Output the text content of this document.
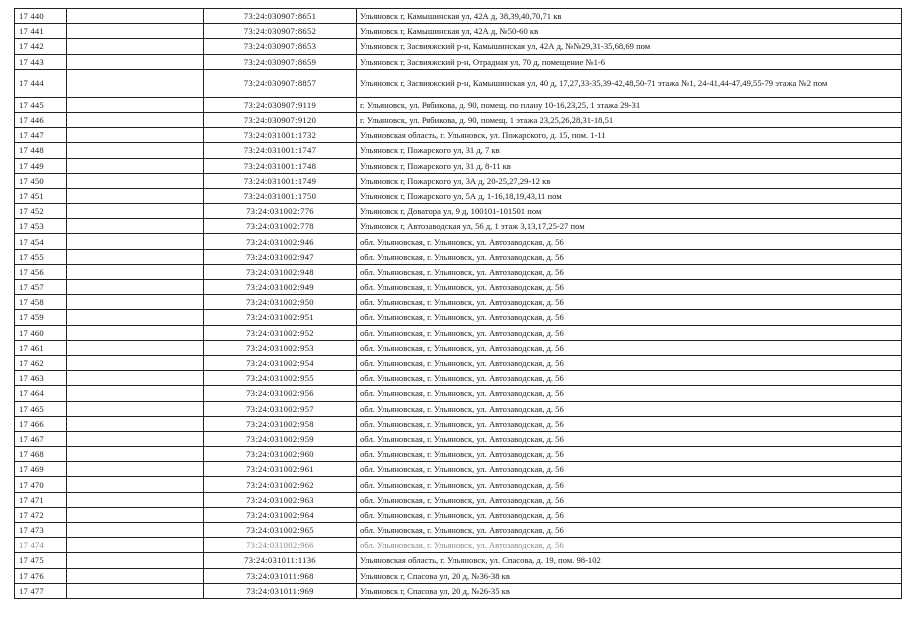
17 440		73:24:030907:8651	Ульяновск г, Камышинская ул, 42А д, 38,39,40,70,71 кв
17 441		73:24:030907:8652	Ульяновск г, Камышинская ул, 42А д, №50-60 кв
17 442		73:24:030907:8653	Ульяновск г, Засвияжский р-н, Камышинская ул, 42А д, №№29,31-35,68,69 пом
17 443		73:24:030907:8659	Ульяновск г, Засвияжский р-н, Отрадная ул, 70 д, помещение №1-6
17 444		73:24:030907:8857	Ульяновск г, Засвияжский р-н, Камышинская ул, 40 д, 17,27,33-35,39-42,48,50-71 этажа №1, 24-41,44-47,49,55-79 этажа №2 пом
17 445		73:24:030907:9119	г. Ульяновск, ул. Рябикова, д. 90, помещ. по плану 10-16,23,25, 1 этажа 29-31
17 446		73:24:030907:9120	г. Ульяновск, ул. Рябикова, д. 90, помещ. 1 этажа 23,25,26,28,31-18,51
17 447		73:24:031001:1732	Ульяновская область, г. Ульяновск, ул. Пожарского, д. 15, пом. 1-11
17 448		73:24:031001:1747	Ульяновск г, Пожарского ул, 31 д, 7 кв
17 449		73:24:031001:1748	Ульяновск г, Пожарского ул, 31 д, 8-11 кв
17 450		73:24:031001:1749	Ульяновск г, Пожарского ул, 3А д, 20-25,27,29-12 кв
17 451		73:24:031001:1750	Ульяновск г, Пожарского ул, 5А д, 1-16,18,19,43,11 пом
17 452		73:24:031002:776	Ульяновск г, Доватора ул, 9 д, 100101-101501 пом
17 453		73:24:031002:778	Ульяновск г, Автозаводская ул, 56 д, 1 этаж 3,13,17,25-27 пом
17 454		73:24:031002:946	обл. Ульяновская, г. Ульяновск, ул. Автозаводская, д. 56
17 455		73:24:031002:947	обл. Ульяновская, г. Ульяновск, ул. Автозаводская, д. 56
17 456		73:24:031002:948	обл. Ульяновская, г. Ульяновск, ул. Автозаводская, д. 56
17 457		73:24:031002:949	обл. Ульяновская, г. Ульяновск, ул. Автозаводская, д. 56
17 458		73:24:031002:950	обл. Ульяновская, г. Ульяновск, ул. Автозаводская, д. 56
17 459		73:24:031002:951	обл. Ульяновская, г. Ульяновск, ул. Автозаводская, д. 56
17 460		73:24:031002:952	обл. Ульяновская, г. Ульяновск, ул. Автозаводская, д. 56
17 461		73:24:031002:953	обл. Ульяновская, г. Ульяновск, ул. Автозаводская, д. 56
17 462		73:24:031002:954	обл. Ульяновская, г. Ульяновск, ул. Автозаводская, д. 56
17 463		73:24:031002:955	обл. Ульяновская, г. Ульяновск, ул. Автозаводская, д. 56
17 464		73:24:031002:956	обл. Ульяновская, г. Ульяновск, ул. Автозаводская, д. 56
17 465		73:24:031002:957	обл. Ульяновская, г. Ульяновск, ул. Автозаводская, д. 56
17 466		73:24:031002:958	обл. Ульяновская, г. Ульяновск, ул. Автозаводская, д. 56
17 467		73:24:031002:959	обл. Ульяновская, г. Ульяновск, ул. Автозаводская, д. 56
17 468		73:24:031002:960	обл. Ульяновская, г. Ульяновск, ул. Автозаводская, д. 56
17 469		73:24:031002:961	обл. Ульяновская, г. Ульяновск, ул. Автозаводская, д. 56
17 470		73:24:031002:962	обл. Ульяновская, г. Ульяновск, ул. Автозаводская, д. 56
17 471		73:24:031002:963	обл. Ульяновская, г. Ульяновск, ул. Автозаводская, д. 56
17 472		73:24:031002:964	обл. Ульяновская, г. Ульяновск, ул. Автозаводская, д. 56
17 473		73:24:031002:965	обл. Ульяновская, г. Ульяновск, ул. Автозаводская, д. 56
17 474		73:24:031002:966	обл. Ульяновская, г. Ульяновск, ул. Автозаводская, д. 56
17 475		73:24:031011:1136	Ульяновская область, г. Ульяновск, ул. Спасова, д. 19, пом. 98-102
17 476		73:24:031011:968	Ульяновск г, Спасова ул, 20 д, №36-38 кв
17 477		73:24:031011:969	Ульяновск г, Спасова ул, 20 д, №26-35 кв
